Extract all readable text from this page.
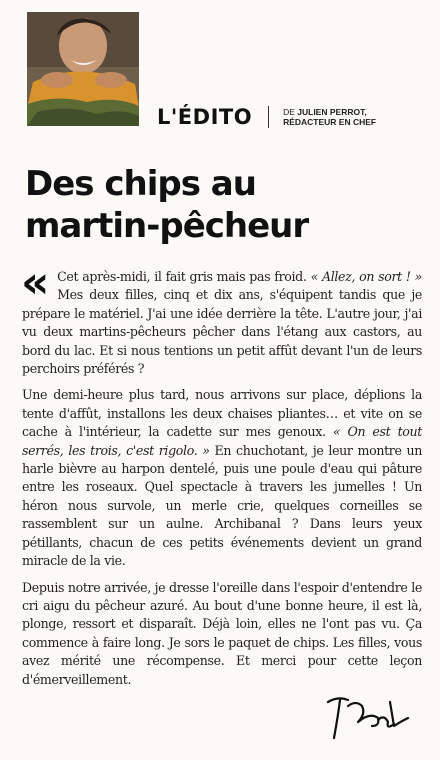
L'ÉDITO	DE JULIEN PERROT,
RÉDACTEUR EN CHEF
Des chips au
martin-pêcheur

« Cet après-midi, il fait gris mais pas froid. « Allez, on sort ! » Mes deux filles, cinq et dix ans, s'équipent tandis que je prépare le matériel. J'ai une idée derrière la tête. L'autre jour, j'ai vu deux martins-pêcheurs pêcher dans l'étang aux castors, au bord du lac. Et si nous tentions un petit affût devant l'un de leurs perchoirs préférés ?

Une demi-heure plus tard, nous arrivons sur place, déplions la tente d'affût, installons les deux chaises pliantes… et vite on se cache à l'intérieur, la cadette sur mes genoux. « On est tout serrés, les trois, c'est rigolo. » En chuchotant, je leur montre un harle bièvre au harpon dentelé, puis une poule d'eau qui pâture entre les roseaux. Quel spectacle à travers les jumelles ! Un héron nous survole, un merle crie, quelques corneilles se rassemblent sur un aulne. Archibanal ? Dans leurs yeux pétillants, chacun de ces petits événements devient un grand miracle de la vie.

Depuis notre arrivée, je dresse l'oreille dans l'espoir d'entendre le cri aigu du pêcheur azuré. Au bout d'une bonne heure, il est là, plonge, ressort et disparaît. Déjà loin, elles ne l'ont pas vu. Ça commence à faire long. Je sors le paquet de chips. Les filles, vous avez mérité une récompense. Et merci pour cette leçon d'émerveillement.
